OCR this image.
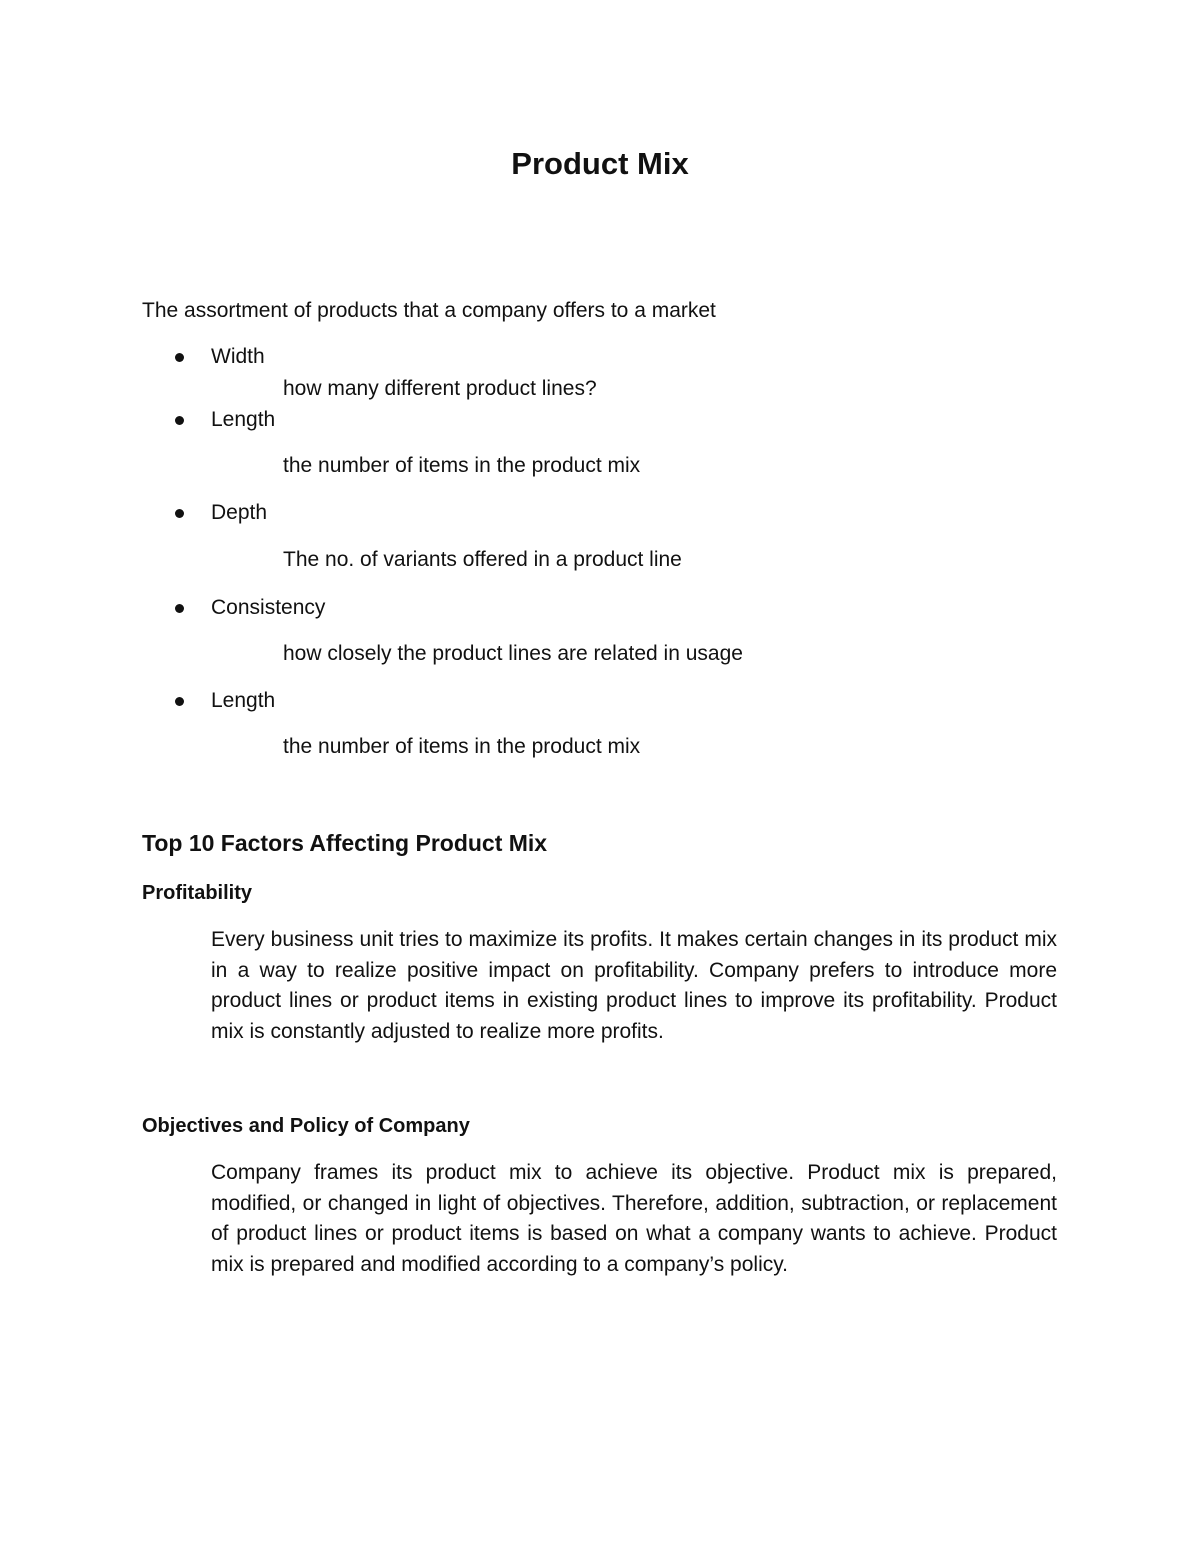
Product Mix
The assortment of products that a company offers to a market
Width
how many different product lines?
Length
the number of items in the product mix
Depth
The no. of variants offered in a product line
Consistency
how closely the product lines are related in usage
Length
the number of items in the product mix
Top 10 Factors Affecting Product Mix
Profitability
Every business unit tries to maximize its profits. It makes certain changes in its product mix in a way to realize positive impact on profitability. Company prefers to introduce more product lines or product items in existing product lines to improve its profitability. Product mix is constantly adjusted to realize more profits.
Objectives and Policy of Company
Company frames its product mix to achieve its objective. Product mix is prepared, modified, or changed in light of objectives. Therefore, addition, subtraction, or replacement of product lines or product items is based on what a company wants to achieve. Product mix is prepared and modified according to a company’s policy.
